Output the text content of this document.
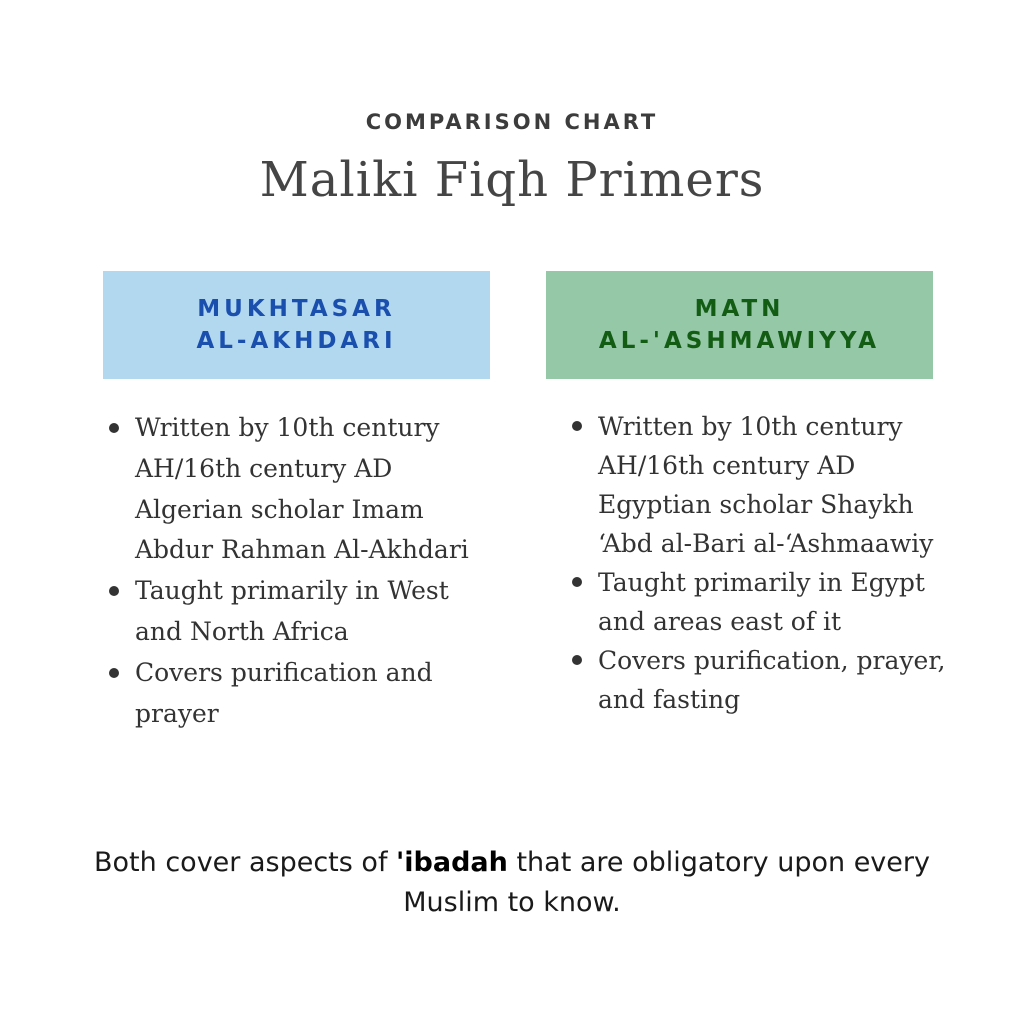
COMPARISON CHART
Maliki Fiqh Primers
MUKHTASAR
AL-AKHDARI
MATN
AL-'ASHMAWIYYA
Written by 10th century AH/16th century AD Algerian scholar Imam Abdur Rahman Al-Akhdari
Taught primarily in West and North Africa
Covers purification and prayer
Written by 10th century AH/16th century AD Egyptian scholar Shaykh ‘Abd al-Bari al-‘Ashmaawiy
Taught primarily in Egypt and areas east of it
Covers purification, prayer, and fasting
Both cover aspects of 'ibadah that are obligatory upon every Muslim to know.
